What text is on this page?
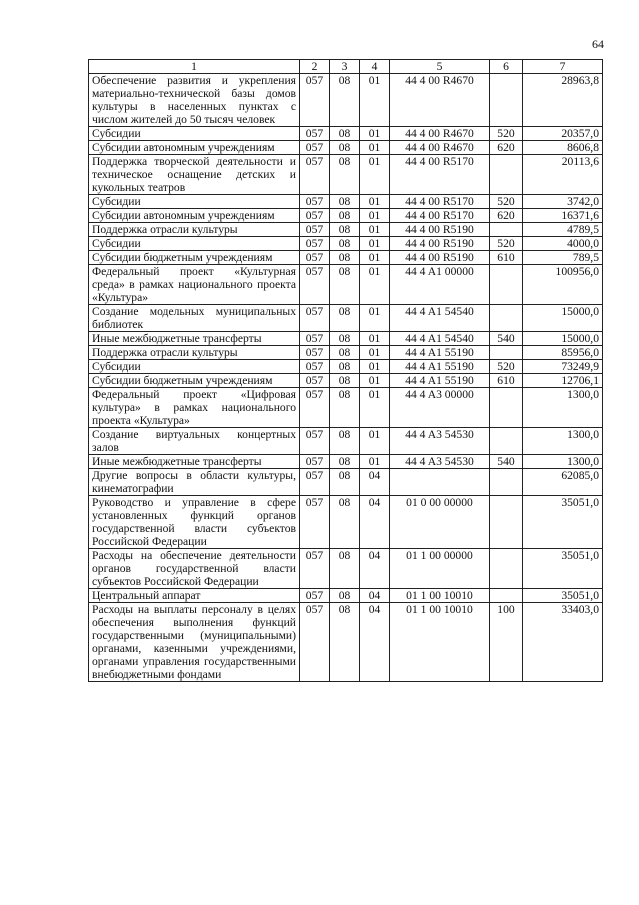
64
1	2	3	4	5	6	7
Обеспечение развития и укрепления материально-технической базы домов культуры в населенных пунктах с числом жителей до 50 тысяч человек	057	08	01	44 4 00 R4670		28963,8
Субсидии	057	08	01	44 4 00 R4670	520	20357,0
Субсидии автономным учреждениям	057	08	01	44 4 00 R4670	620	8606,8
Поддержка творческой деятельности и техническое оснащение детских и кукольных театров	057	08	01	44 4 00 R5170		20113,6
Субсидии	057	08	01	44 4 00 R5170	520	3742,0
Субсидии автономным учреждениям	057	08	01	44 4 00 R5170	620	16371,6
Поддержка отрасли культуры	057	08	01	44 4 00 R5190		4789,5
Субсидии	057	08	01	44 4 00 R5190	520	4000,0
Субсидии бюджетным учреждениям	057	08	01	44 4 00 R5190	610	789,5
Федеральный проект «Культурная среда» в рамках национального проекта «Культура»	057	08	01	44 4 A1 00000		100956,0
Создание модельных муниципальных библиотек	057	08	01	44 4 A1 54540		15000,0
Иные межбюджетные трансферты	057	08	01	44 4 A1 54540	540	15000,0
Поддержка отрасли культуры	057	08	01	44 4 A1 55190		85956,0
Субсидии	057	08	01	44 4 A1 55190	520	73249,9
Субсидии бюджетным учреждениям	057	08	01	44 4 A1 55190	610	12706,1
Федеральный проект «Цифровая культура» в рамках национального проекта «Культура»	057	08	01	44 4 A3 00000		1300,0
Создание виртуальных концертных залов	057	08	01	44 4 A3 54530		1300,0
Иные межбюджетные трансферты	057	08	01	44 4 A3 54530	540	1300,0
Другие вопросы в области культуры, кинематографии	057	08	04			62085,0
Руководство и управление в сфере установленных функций органов государственной власти субъектов Российской Федерации	057	08	04	01 0 00 00000		35051,0
Расходы на обеспечение деятельности органов государственной власти субъектов Российской Федерации	057	08	04	01 1 00 00000		35051,0
Центральный аппарат	057	08	04	01 1 00 10010		35051,0
Расходы на выплаты персоналу в целях обеспечения выполнения функций государственными (муниципальными) органами, казенными учреждениями, органами управления государственными внебюджетными фондами	057	08	04	01 1 00 10010	100	33403,0
